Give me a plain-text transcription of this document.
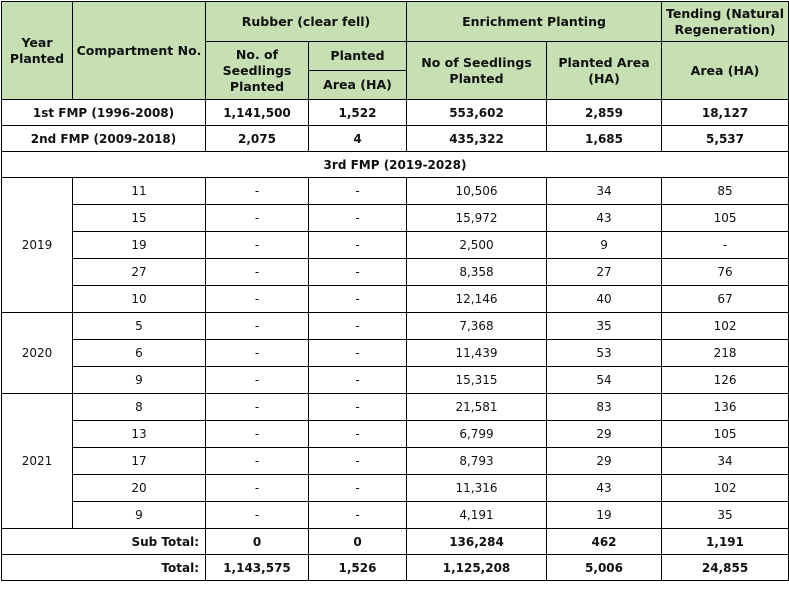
Year Planted	Compartment No.	Rubber (clear fell)		Enrichment Planting		Tending (Natural Regeneration)
		No. of Seedlings Planted	Planted	No of Seedlings Planted	Planted Area (HA)	Area (HA)
			Area (HA)			
1st FMP (1996-2008)		1,141,500	1,522	553,602	2,859	18,127
2nd FMP (2009-2018)		2,075	4	435,322	1,685	5,537
3rd FMP (2019-2028)						
2019	11	-	-	10,506	34	85
	15	-	-	15,972	43	105
	19	-	-	2,500	9	-
	27	-	-	8,358	27	76
	10	-	-	12,146	40	67
2020	5	-	-	7,368	35	102
	6	-	-	11,439	53	218
	9	-	-	15,315	54	126
2021	8	-	-	21,581	83	136
	13	-	-	6,799	29	105
	17	-	-	8,793	29	34
	20	-	-	11,316	43	102
	9	-	-	4,191	19	35
Sub Total:		0	0	136,284	462	1,191
Total:		1,143,575	1,526	1,125,208	5,006	24,855
